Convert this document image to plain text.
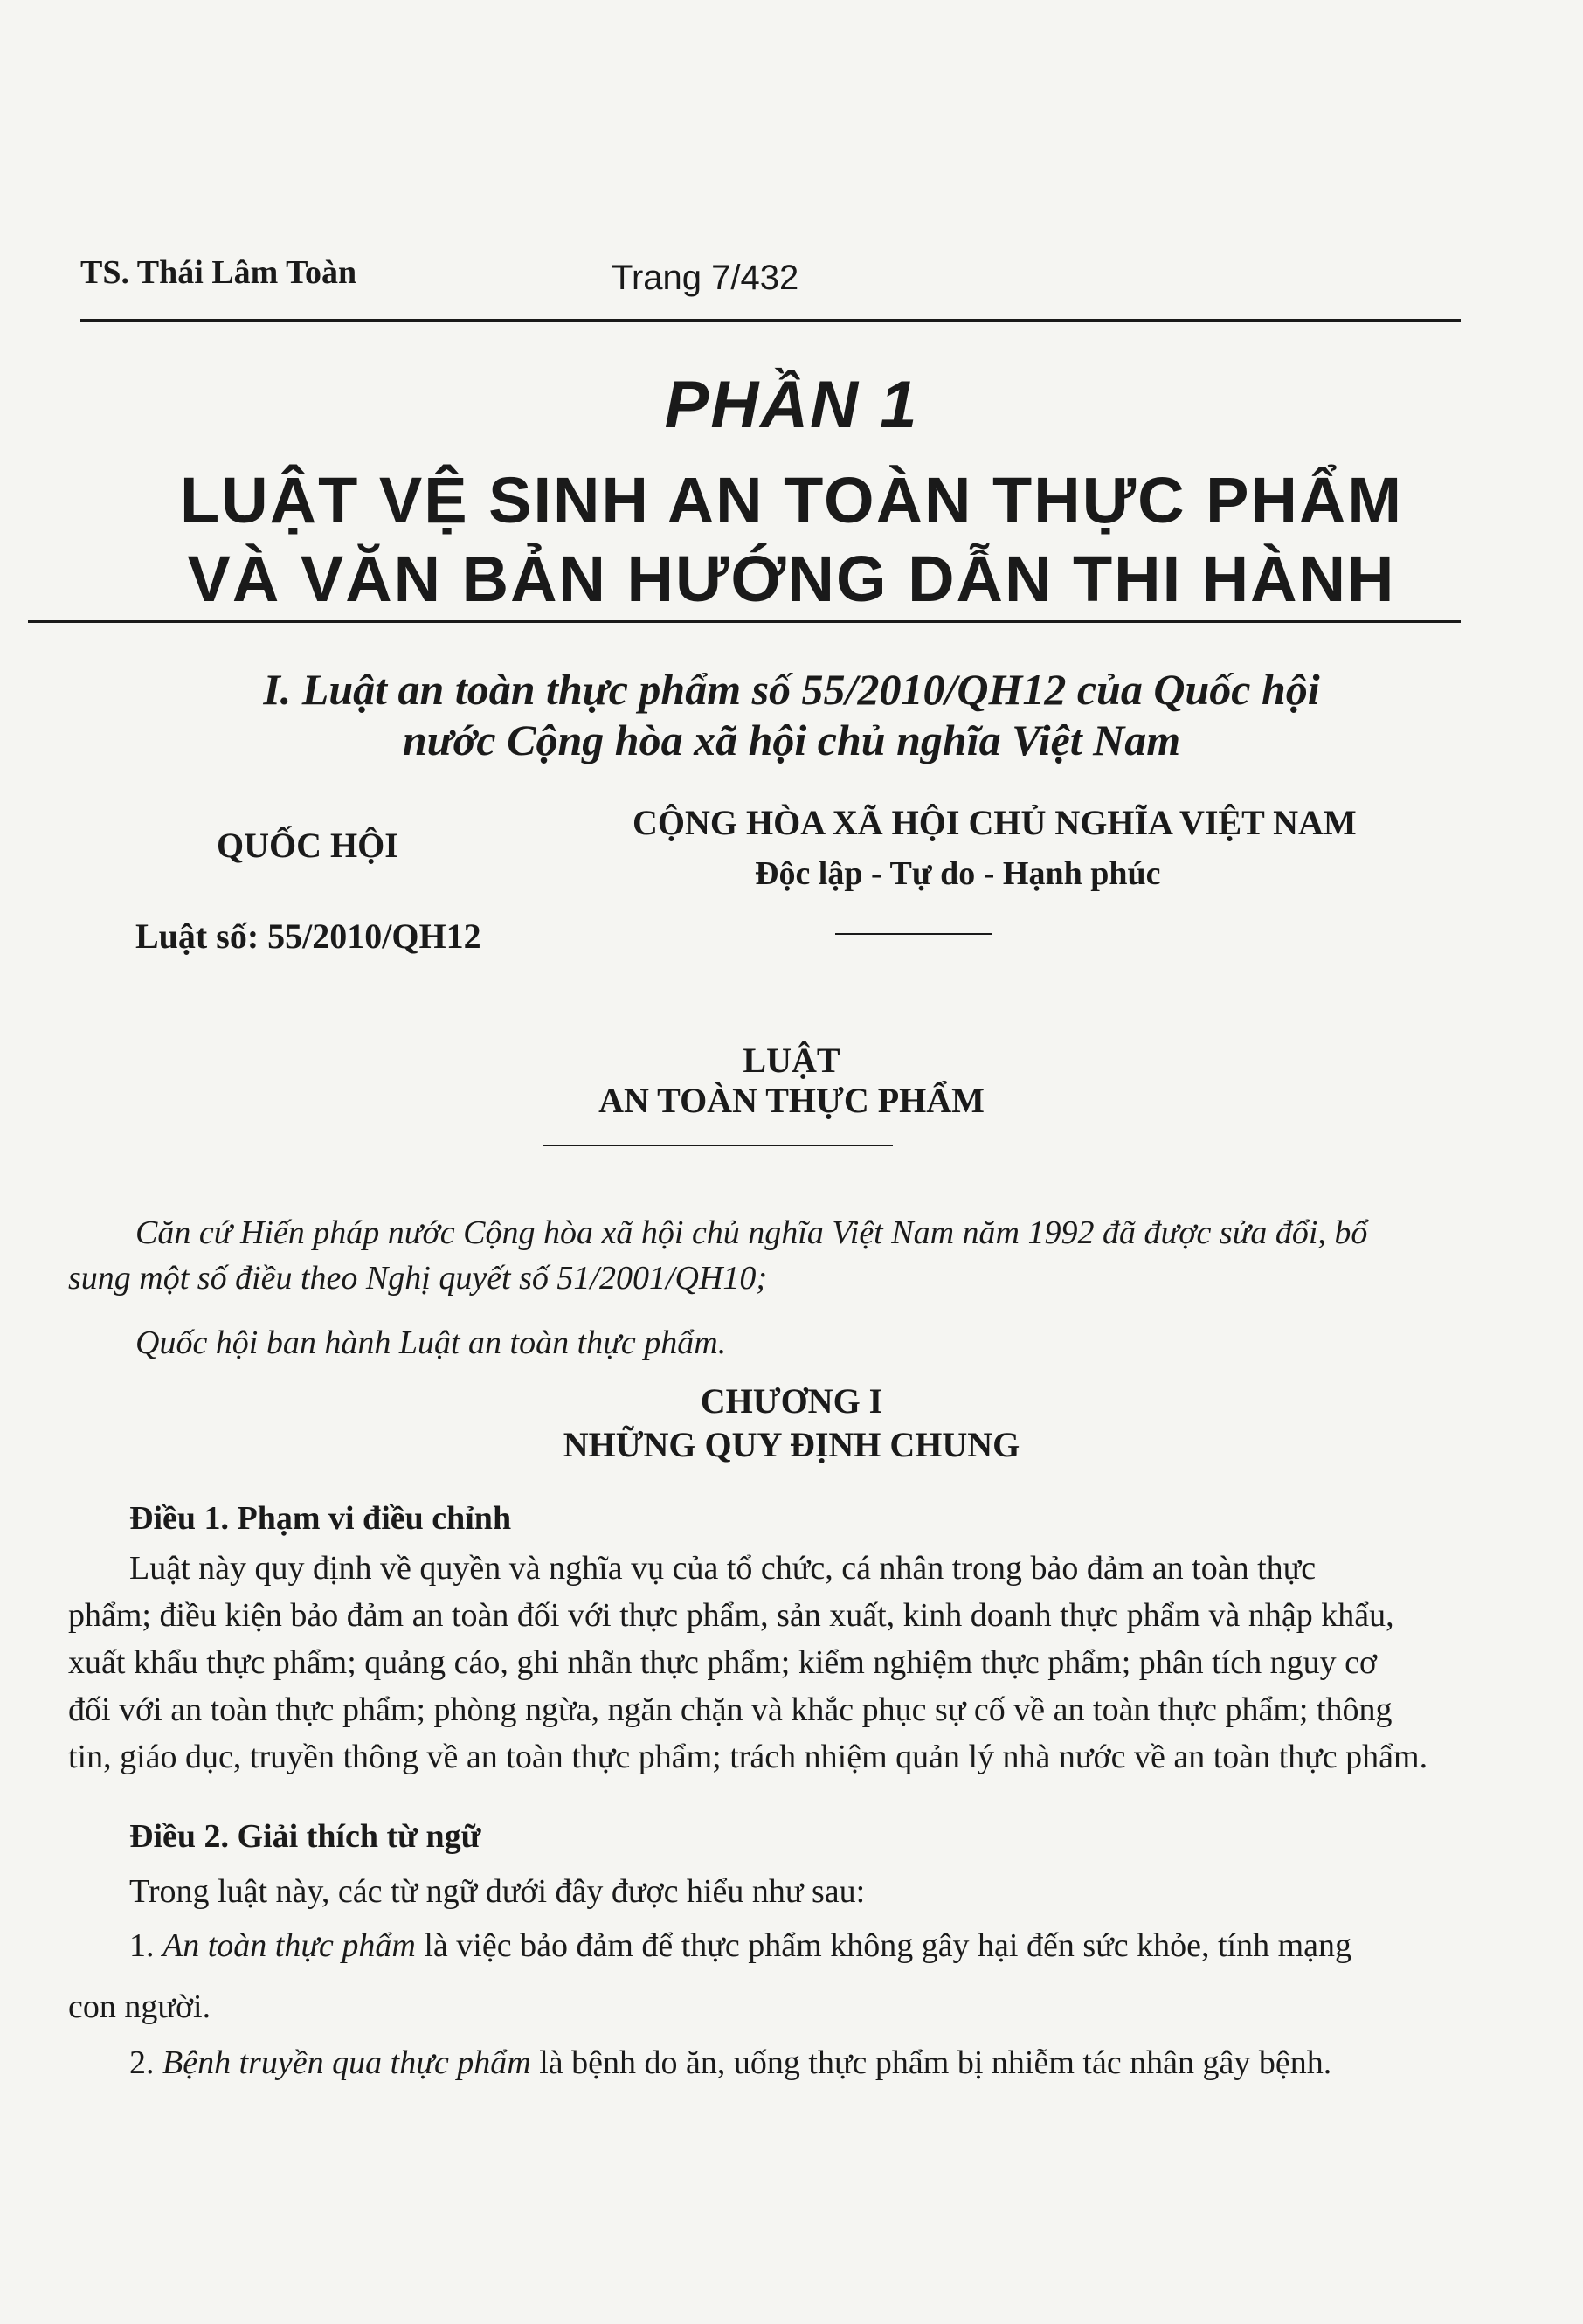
TS. Thái Lâm Toàn	Trang 7/432
PHẦN 1
LUẬT VỆ SINH AN TOÀN THỰC PHẨM
VÀ VĂN BẢN HƯỚNG DẪN THI HÀNH
I. Luật an toàn thực phẩm số 55/2010/QH12 của Quốc hội
nước Cộng hòa xã hội chủ nghĩa Việt Nam
QUỐC HỘI
CỘNG HÒA XÃ HỘI CHỦ NGHĨA VIỆT NAM
Độc lập - Tự do - Hạnh phúc
Luật số: 55/2010/QH12
LUẬT
AN TOÀN THỰC PHẨM
Căn cứ Hiến pháp nước Cộng hòa xã hội chủ nghĩa Việt Nam năm 1992 đã được sửa đổi, bổ
sung một số điều theo Nghị quyết số 51/2001/QH10;
Quốc hội ban hành Luật an toàn thực phẩm.
CHƯƠNG I
NHỮNG QUY ĐỊNH CHUNG
Điều 1. Phạm vi điều chỉnh
Luật này quy định về quyền và nghĩa vụ của tổ chức, cá nhân trong bảo đảm an toàn thực
phẩm; điều kiện bảo đảm an toàn đối với thực phẩm, sản xuất, kinh doanh thực phẩm và nhập khẩu,
xuất khẩu thực phẩm; quảng cáo, ghi nhãn thực phẩm; kiểm nghiệm thực phẩm; phân tích nguy cơ
đối với an toàn thực phẩm; phòng ngừa, ngăn chặn và khắc phục sự cố về an toàn thực phẩm; thông
tin, giáo dục, truyền thông về an toàn thực phẩm; trách nhiệm quản lý nhà nước về an toàn thực phẩm.
Điều 2. Giải thích từ ngữ
Trong luật này, các từ ngữ dưới đây được hiểu như sau:
1. An toàn thực phẩm là việc bảo đảm để thực phẩm không gây hại đến sức khỏe, tính mạng
con người.
2. Bệnh truyền qua thực phẩm là bệnh do ăn, uống thực phẩm bị nhiễm tác nhân gây bệnh.
